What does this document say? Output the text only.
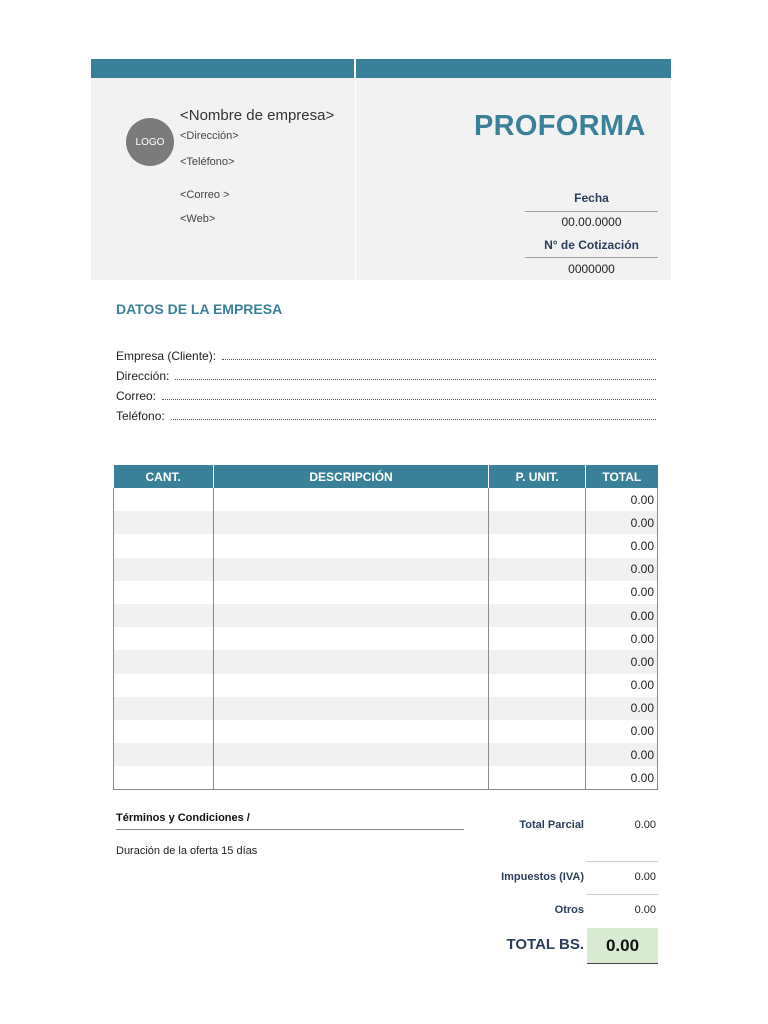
LOGO
<Nombre de empresa>
<Dirección>
<Teléfono>
<Correo >
<Web>
PROFORMA
Fecha
00.00.0000
N° de Cotización
0000000
DATOS DE LA EMPRESA
Empresa (Cliente):
Dirección:
Correo:
Teléfono:
CANT.	DESCRIPCIÓN	P. UNIT.	TOTAL
			0.00
			0.00
			0.00
			0.00
			0.00
			0.00
			0.00
			0.00
			0.00
			0.00
			0.00
			0.00
			0.00
Términos y Condiciones /
Duración de la oferta 15 días
Total Parcial	0.00
Impuestos (IVA)	0.00
Otros	0.00
TOTAL BS.	0.00
